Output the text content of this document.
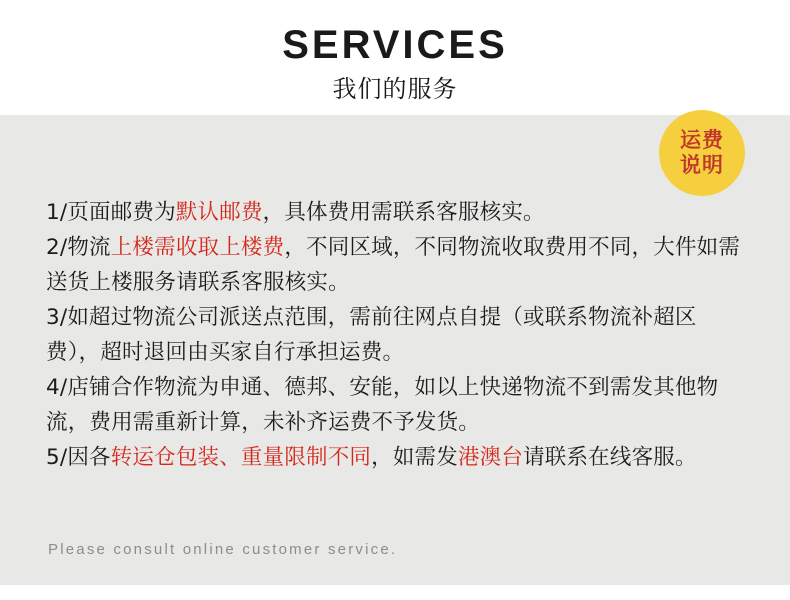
SERVICES
我们的服务
运费
说明
1/页面邮费为默认邮费，具体费用需联系客服核实。
2/物流上楼需收取上楼费，不同区域，不同物流收取费用不同，大件如需送货上楼服务请联系客服核实。
3/如超过物流公司派送点范围，需前往网点自提（或联系物流补超区费），超时退回由买家自行承担运费。
4/店铺合作物流为申通、德邦、安能，如以上快递物流不到需发其他物流，费用需重新计算，未补齐运费不予发货。
5/因各转运仓包装、重量限制不同，如需发港澳台请联系在线客服。
Please consult online customer service.
